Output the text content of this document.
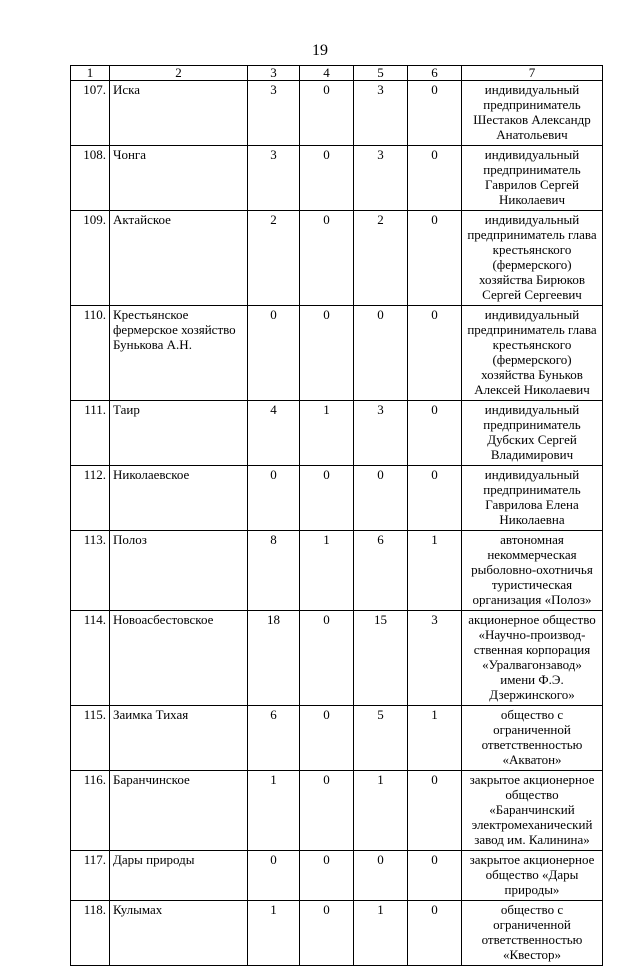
19
1	2	3	4	5	6	7
107.	Иска	3	0	3	0	индивидуальный предприниматель Шестаков Александр Анатольевич
108.	Чонга	3	0	3	0	индивидуальный предприниматель Гаврилов Сергей Николаевич
109.	Актайское	2	0	2	0	индивидуальный предприниматель глава крестьянского (фермерского) хозяйства Бирюков Сергей Сергеевич
110.	Крестьянское фермерское хозяйство Бунькова А.Н.	0	0	0	0	индивидуальный предприниматель глава крестьянского (фермерского) хозяйства Буньков Алексей Николаевич
111.	Таир	4	1	3	0	индивидуальный предприниматель Дубских Сергей Владимирович
112.	Николаевское	0	0	0	0	индивидуальный предприниматель Гаврилова Елена Николаевна
113.	Полоз	8	1	6	1	автономная некоммерческая рыболовно-охотничья туристическая организация «Полоз»
114.	Новоасбестовское	18	0	15	3	акционерное общество «Научно-производ-ственная корпорация «Уралвагонзавод» имени Ф.Э. Дзержинского»
115.	Заимка Тихая	6	0	5	1	общество с ограниченной ответственностью «Акватон»
116.	Баранчинское	1	0	1	0	закрытое акционерное общество «Баранчинский электромеханический завод им. Калинина»
117.	Дары природы	0	0	0	0	закрытое акционерное общество «Дары природы»
118.	Кулымах	1	0	1	0	общество с ограниченной ответственностью «Квестор»
